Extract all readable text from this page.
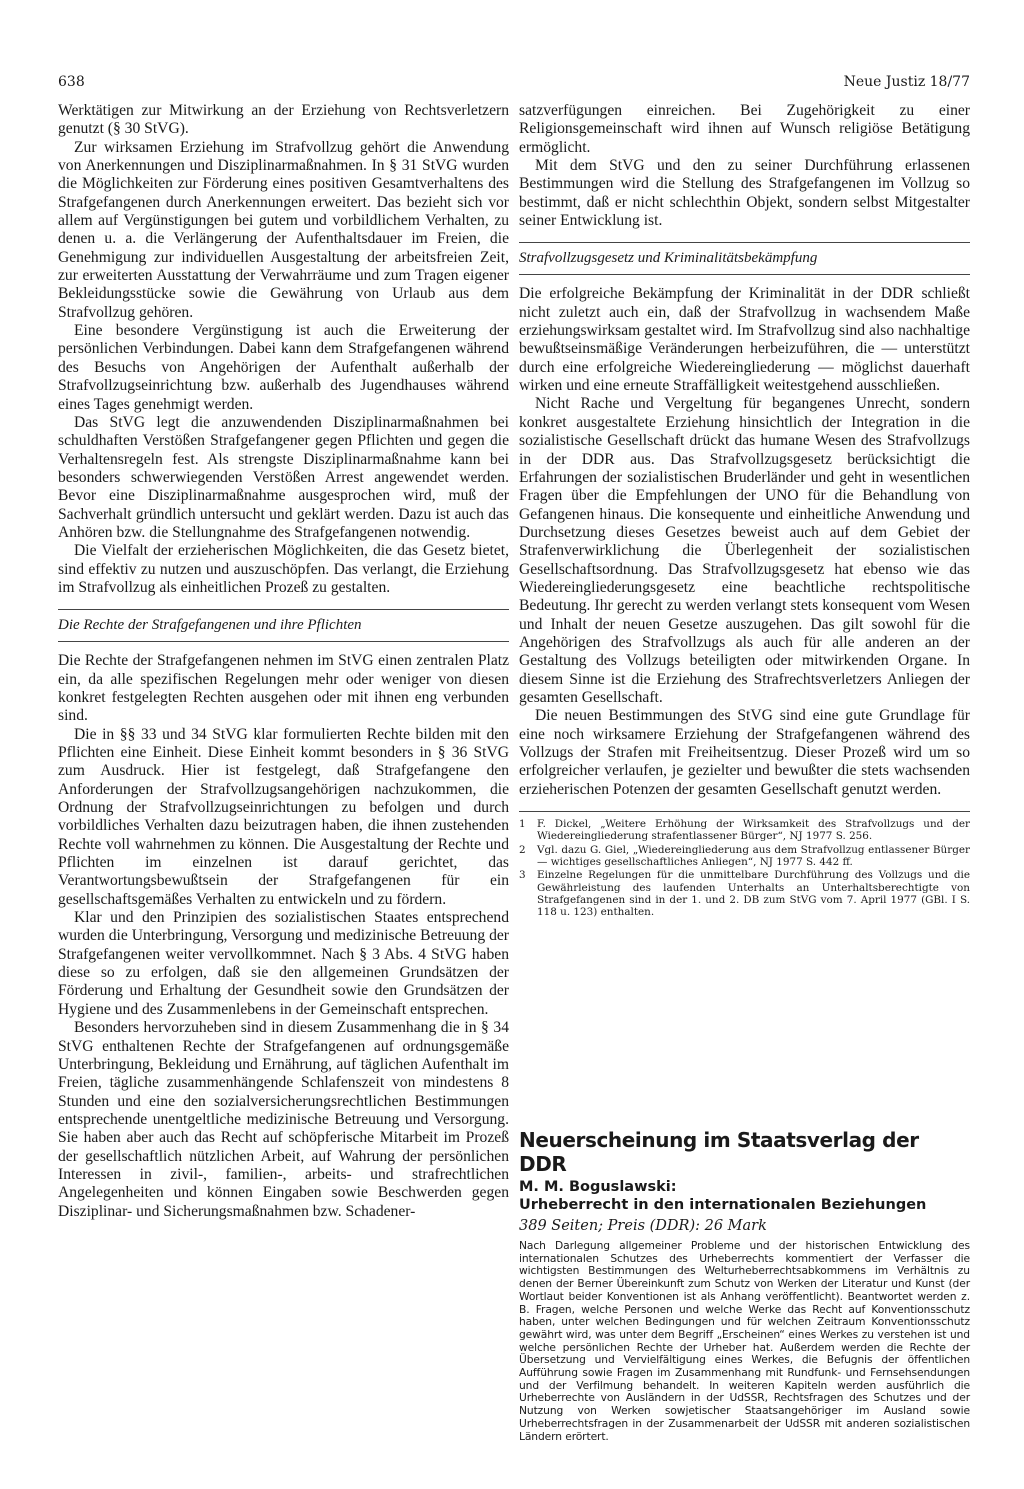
638	Neue Justiz 18/77

Werktätigen zur Mitwirkung an der Erziehung von Rechtsverletzern genutzt (§ 30 StVG).

Zur wirksamen Erziehung im Strafvollzug gehört die Anwendung von Anerkennungen und Disziplinarmaßnahmen. In § 31 StVG wurden die Möglichkeiten zur Förderung eines positiven Gesamtverhaltens des Strafgefangenen durch Anerkennungen erweitert. Das bezieht sich vor allem auf Vergünstigungen bei gutem und vorbildlichem Verhalten, zu denen u. a. die Verlängerung der Aufenthaltsdauer im Freien, die Genehmigung zur individuellen Ausgestaltung der arbeitsfreien Zeit, zur erweiterten Ausstattung der Verwahrräume und zum Tragen eigener Bekleidungsstücke sowie die Gewährung von Urlaub aus dem Strafvollzug gehören.

Eine besondere Vergünstigung ist auch die Erweiterung der persönlichen Verbindungen. Dabei kann dem Strafgefangenen während des Besuchs von Angehörigen der Aufenthalt außerhalb der Strafvollzugseinrichtung bzw. außerhalb des Jugendhauses während eines Tages genehmigt werden.

Das StVG legt die anzuwendenden Disziplinarmaßnahmen bei schuldhaften Verstößen Strafgefangener gegen Pflichten und gegen die Verhaltensregeln fest. Als strengste Disziplinarmaßnahme kann bei besonders schwerwiegenden Verstößen Arrest angewendet werden. Bevor eine Disziplinarmaßnahme ausgesprochen wird, muß der Sachverhalt gründlich untersucht und geklärt werden. Dazu ist auch das Anhören bzw. die Stellungnahme des Strafgefangenen notwendig.

Die Vielfalt der erzieherischen Möglichkeiten, die das Gesetz bietet, sind effektiv zu nutzen und auszuschöpfen. Das verlangt, die Erziehung im Strafvollzug als einheitlichen Prozeß zu gestalten.

Die Rechte der Strafgefangenen und ihre Pflichten

Die Rechte der Strafgefangenen nehmen im StVG einen zentralen Platz ein, da alle spezifischen Regelungen mehr oder weniger von diesen konkret festgelegten Rechten ausgehen oder mit ihnen eng verbunden sind.

Die in §§ 33 und 34 StVG klar formulierten Rechte bilden mit den Pflichten eine Einheit. Diese Einheit kommt besonders in § 36 StVG zum Ausdruck. Hier ist festgelegt, daß Strafgefangene den Anforderungen der Strafvollzugsangehörigen nachzukommen, die Ordnung der Strafvollzugseinrichtungen zu befolgen und durch vorbildliches Verhalten dazu beizutragen haben, die ihnen zustehenden Rechte voll wahrnehmen zu können. Die Ausgestaltung der Rechte und Pflichten im einzelnen ist darauf gerichtet, das Verantwortungsbewußtsein der Strafgefangenen für ein gesellschaftsgemäßes Verhalten zu entwickeln und zu fördern.

Klar und den Prinzipien des sozialistischen Staates entsprechend wurden die Unterbringung, Versorgung und medizinische Betreuung der Strafgefangenen weiter vervollkommnet. Nach § 3 Abs. 4 StVG haben diese so zu erfolgen, daß sie den allgemeinen Grundsätzen der Förderung und Erhaltung der Gesundheit sowie den Grundsätzen der Hygiene und des Zusammenlebens in der Gemeinschaft entsprechen.

Besonders hervorzuheben sind in diesem Zusammenhang die in § 34 StVG enthaltenen Rechte der Strafgefangenen auf ordnungsgemäße Unterbringung, Bekleidung und Ernährung, auf täglichen Aufenthalt im Freien, tägliche zusammenhängende Schlafenszeit von mindestens 8 Stunden und eine den sozialversicherungsrechtlichen Bestimmungen entsprechende unentgeltliche medizinische Betreuung und Versorgung. Sie haben aber auch das Recht auf schöpferische Mitarbeit im Prozeß der gesellschaftlich nützlichen Arbeit, auf Wahrung der persönlichen Interessen in zivil-, familien-, arbeits- und strafrechtlichen Angelegenheiten und können Eingaben sowie Beschwerden gegen Disziplinar- und Sicherungsmaßnahmen bzw. Schadener-

satzverfügungen einreichen. Bei Zugehörigkeit zu einer Religionsgemeinschaft wird ihnen auf Wunsch religiöse Betätigung ermöglicht.

Mit dem StVG und den zu seiner Durchführung erlassenen Bestimmungen wird die Stellung des Strafgefangenen im Vollzug so bestimmt, daß er nicht schlechthin Objekt, sondern selbst Mitgestalter seiner Entwicklung ist.

Strafvollzugsgesetz und Kriminalitätsbekämpfung

Die erfolgreiche Bekämpfung der Kriminalität in der DDR schließt nicht zuletzt auch ein, daß der Strafvollzug in wachsendem Maße erziehungswirksam gestaltet wird. Im Strafvollzug sind also nachhaltige bewußtseinsmäßige Veränderungen herbeizuführen, die — unterstützt durch eine erfolgreiche Wiedereingliederung — möglichst dauerhaft wirken und eine erneute Straffälligkeit weitestgehend ausschließen.

Nicht Rache und Vergeltung für begangenes Unrecht, sondern konkret ausgestaltete Erziehung hinsichtlich der Integration in die sozialistische Gesellschaft drückt das humane Wesen des Strafvollzugs in der DDR aus. Das Strafvollzugsgesetz berücksichtigt die Erfahrungen der sozialistischen Bruderländer und geht in wesentlichen Fragen über die Empfehlungen der UNO für die Behandlung von Gefangenen hinaus. Die konsequente und einheitliche Anwendung und Durchsetzung dieses Gesetzes beweist auch auf dem Gebiet der Strafenverwirklichung die Überlegenheit der sozialistischen Gesellschaftsordnung. Das Strafvollzugsgesetz hat ebenso wie das Wiedereingliederungsgesetz eine beachtliche rechtspolitische Bedeutung. Ihr gerecht zu werden verlangt stets konsequent vom Wesen und Inhalt der neuen Gesetze auszugehen. Das gilt sowohl für die Angehörigen des Strafvollzugs als auch für alle anderen an der Gestaltung des Vollzugs beteiligten oder mitwirkenden Organe. In diesem Sinne ist die Erziehung des Strafrechtsverletzers Anliegen der gesamten Gesellschaft.

Die neuen Bestimmungen des StVG sind eine gute Grundlage für eine noch wirksamere Erziehung der Strafgefangenen während des Vollzugs der Strafen mit Freiheitsentzug. Dieser Prozeß wird um so erfolgreicher verlaufen, je gezielter und bewußter die stets wachsenden erzieherischen Potenzen der gesamten Gesellschaft genutzt werden.

1	F. Dickel, „Weitere Erhöhung der Wirksamkeit des Strafvollzugs und der Wiedereingliederung strafentlassener Bürger“, NJ 1977 S. 256.
2	Vgl. dazu G. Giel, „Wiedereingliederung aus dem Strafvollzug entlassener Bürger — wichtiges gesellschaftliches Anliegen“, NJ 1977 S. 442 ff.
3	Einzelne Regelungen für die unmittelbare Durchführung des Vollzugs und die Gewährleistung des laufenden Unterhalts an Unterhaltsberechtigte von Strafgefangenen sind in der 1. und 2. DB zum StVG vom 7. April 1977 (GBl. I S. 118 u. 123) enthalten.
Neuerscheinung im Staatsverlag der DDR
M. M. Boguslawski:
Urheberrecht in den internationalen Beziehungen
389 Seiten; Preis (DDR): 26 Mark
Nach Darlegung allgemeiner Probleme und der historischen Entwicklung des internationalen Schutzes des Urheberrechts kommentiert der Verfasser die wichtigsten Bestimmungen des Welturheberrechtsabkommens im Verhältnis zu denen der Berner Übereinkunft zum Schutz von Werken der Literatur und Kunst (der Wortlaut beider Konventionen ist als Anhang veröffentlicht). Beantwortet werden z. B. Fragen, welche Personen und welche Werke das Recht auf Konventionsschutz haben, unter welchen Bedingungen und für welchen Zeitraum Konventionsschutz gewährt wird, was unter dem Begriff „Erscheinen“ eines Werkes zu verstehen ist und welche persönlichen Rechte der Urheber hat. Außerdem werden die Rechte der Übersetzung und Vervielfältigung eines Werkes, die Befugnis der öffentlichen Aufführung sowie Fragen im Zusammenhang mit Rundfunk- und Fernsehsendungen und der Verfilmung behandelt. In weiteren Kapiteln werden ausführlich die Urheberrechte von Ausländern in der UdSSR, Rechtsfragen des Schutzes und der Nutzung von Werken sowjetischer Staatsangehöriger im Ausland sowie Urheberrechtsfragen in der Zusammenarbeit der UdSSR mit anderen sozialistischen Ländern erörtert.
